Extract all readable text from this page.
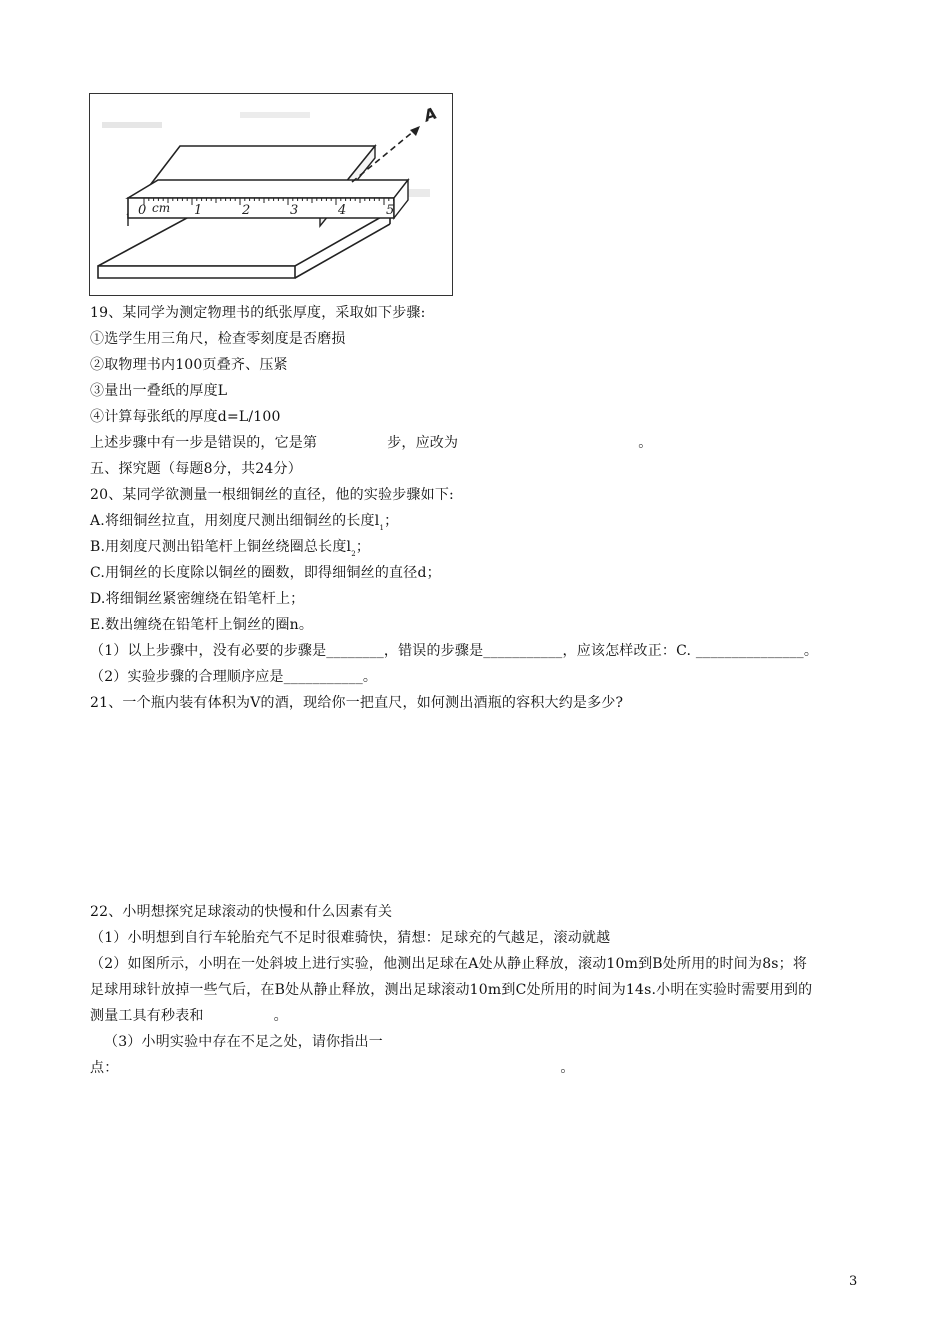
cm
0	1	2	3	4	5
A
19、某同学为测定物理书的纸张厚度，采取如下步骤:
①选学生用三角尺，检查零刻度是否磨损
②取物理书内100页叠齐、压紧
③量出一叠纸的厚度L
④计算每张纸的厚度d=L/100
上述步骤中有一步是错误的，它是第	步，应改为	。
五、探究题（每题8分，共24分）
20、某同学欲测量一根细铜丝的直径，他的实验步骤如下:
A.将细铜丝拉直，用刻度尺测出细铜丝的长度$l_1$；
B.用刻度尺测出铅笔杆上铜丝绕圈总长度$l_2$；
C.用铜丝的长度除以铜丝的圈数，即得细铜丝的直径d；
D.将细铜丝紧密缠绕在铅笔杆上；
E.数出缠绕在铅笔杆上铜丝的圈n。
（1）以上步骤中，没有必要的步骤是________，错误的步骤是___________，应该怎样改正：C. _______________。
（2）实验步骤的合理顺序应是___________。
21、一个瓶内装有体积为V的酒，现给你一把直尺，如何测出酒瓶的容积大约是多少?
22、小明想探究足球滚动的快慢和什么因素有关
（1）小明想到自行车轮胎充气不足时很难骑快，猜想：足球充的气越足，滚动就越
（2）如图所示，小明在一处斜坡上进行实验，他测出足球在A处从静止释放，滚动10m到B处所用的时间为8s；将
足球用球针放掉一些气后，在B处从静止释放，测出足球滚动10m到C处所用的时间为14s.小明在实验时需要用到的
测量工具有秒表和	。
（3）小明实验中存在不足之处，请你指出一
点：	。
3
